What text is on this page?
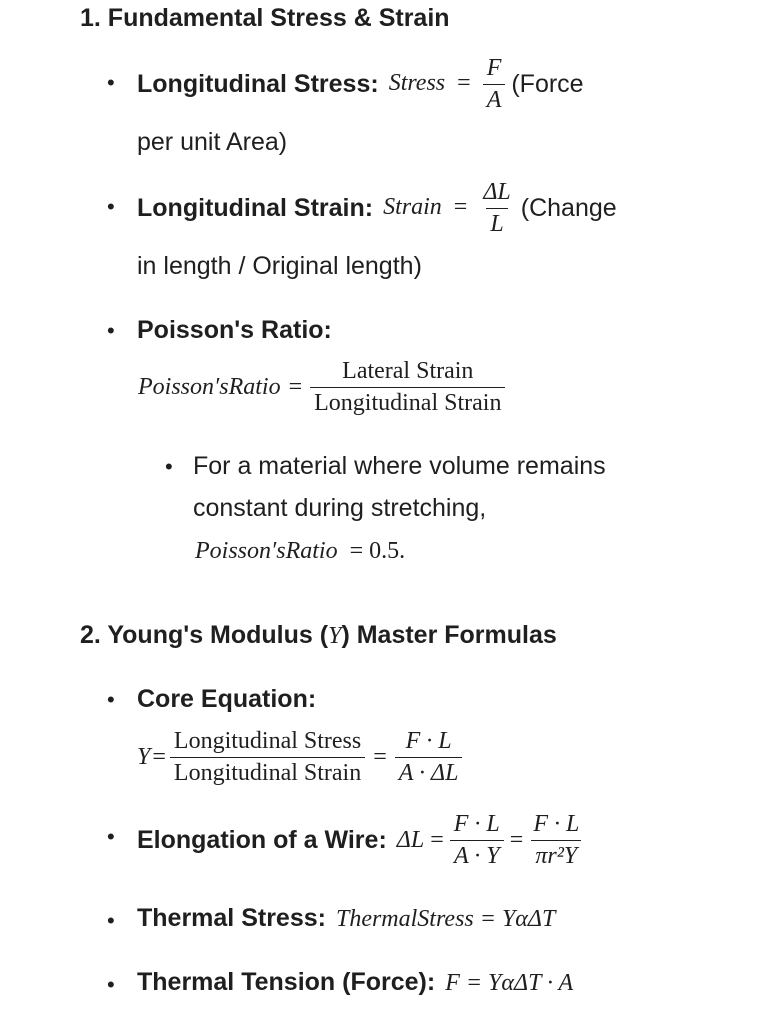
1. Fundamental Stress & Strain
• Longitudinal Stress: Stress = $\frac{F}{A}$ (Force
per unit Area)
• Longitudinal Strain: Strain = $\frac{\Delta L}{L}$ (Change
in length / Original length)
• Poisson's Ratio:
Poisson′sRatio = $\frac{\text{Lateral Strain}}{\text{Longitudinal Strain}}$
• For a material where volume remains
constant during stretching,
Poisson′sRatio = 0.5.
2. Young's Modulus (Y) Master Formulas
• Core Equation:
$Y = \frac{\text{Longitudinal Stress}}{\text{Longitudinal Strain}} = \frac{F \cdot L}{A \cdot \Delta L}$
• Elongation of a Wire: $\Delta L = \frac{F \cdot L}{A \cdot Y} = \frac{F \cdot L}{\text{πr²Y}}$
• Thermal Stress: ThermalStress = YαΔT
• Thermal Tension (Force): F = YαΔT · A
